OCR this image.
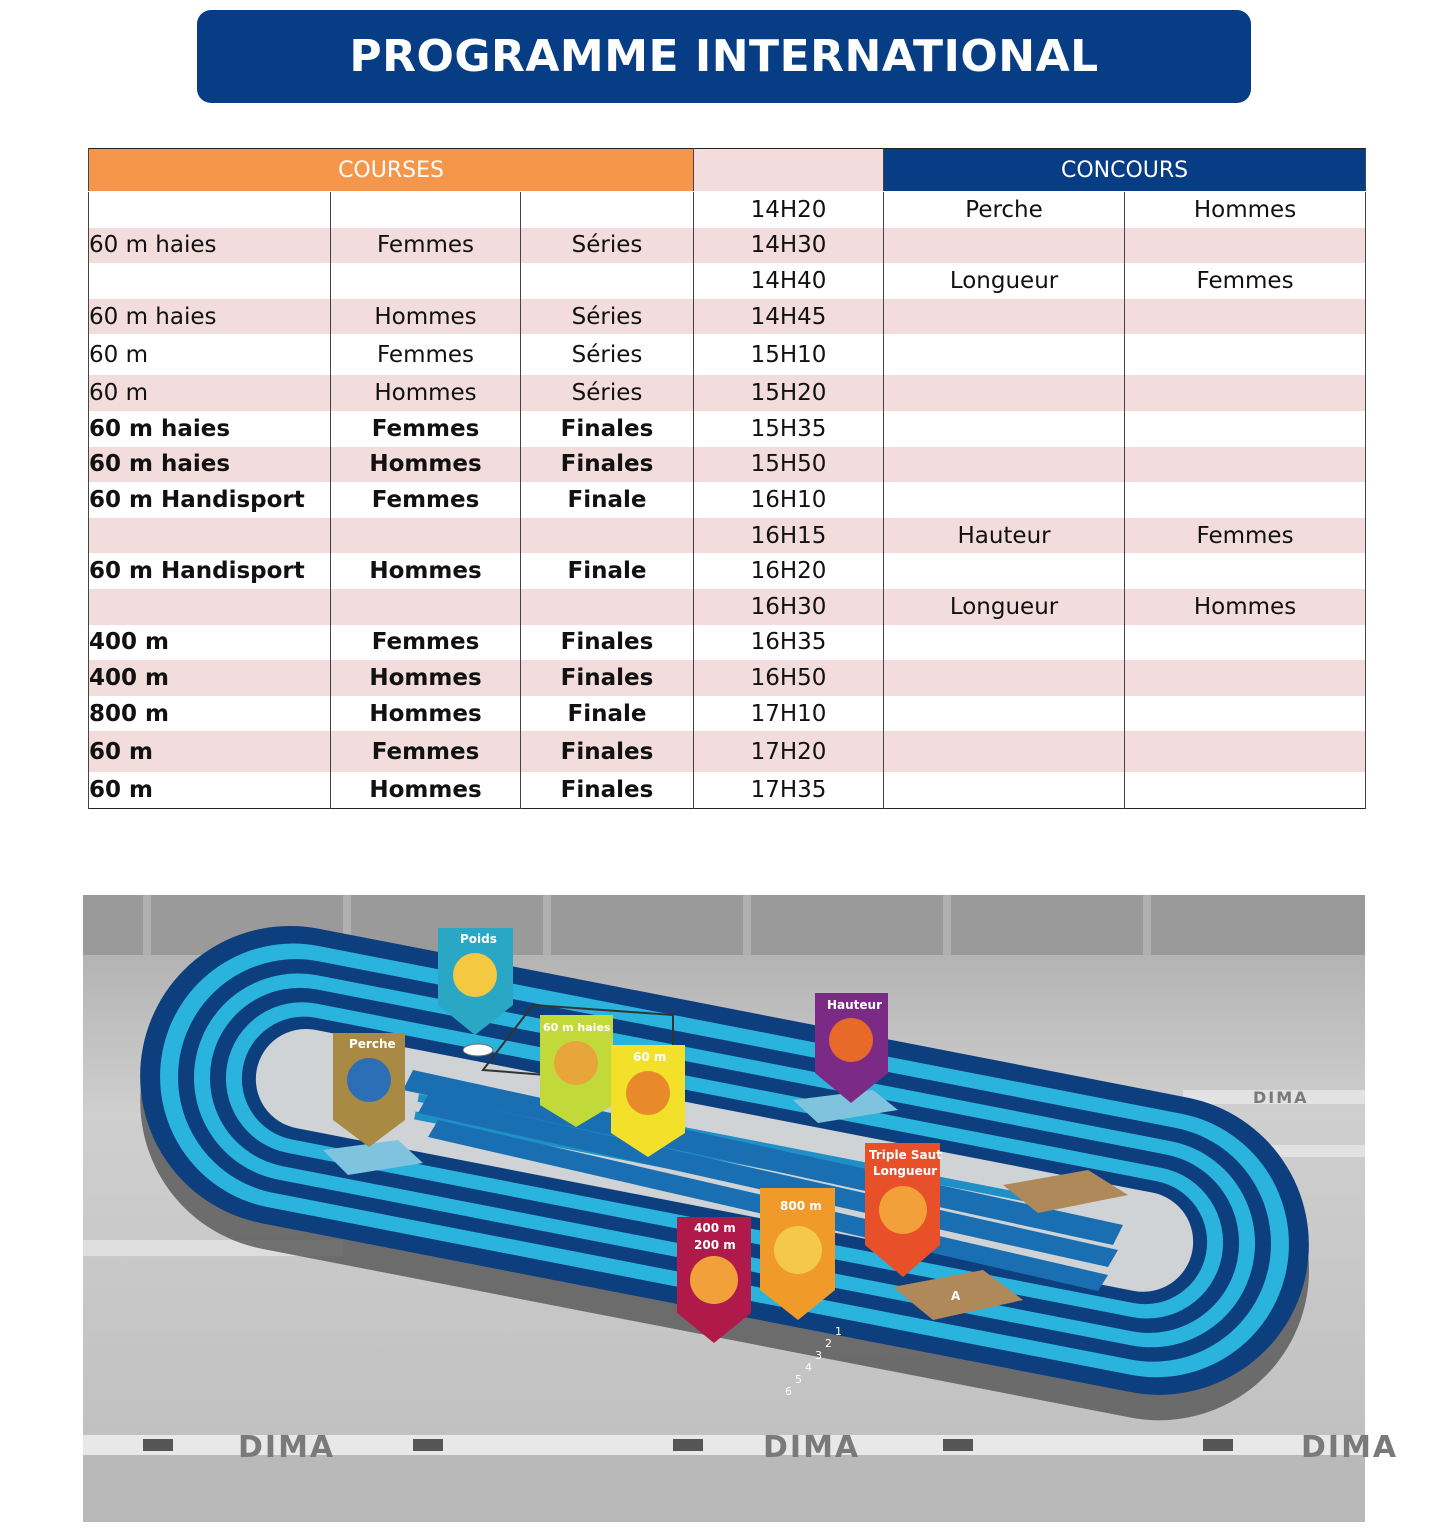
PROGRAMME INTERNATIONAL
COURSES				CONCOURS	
			14H20	Perche	Hommes
60 m haies	Femmes	Séries	14H30		
			14H40	Longueur	Femmes
60 m haies	Hommes	Séries	14H45		
60 m	Femmes	Séries	15H10		
60 m	Hommes	Séries	15H20		
60 m haies	Femmes	Finales	15H35		
60 m haies	Hommes	Finales	15H50		
60 m Handisport	Femmes	Finale	16H10		
			16H15	Hauteur	Femmes
60 m Handisport	Hommes	Finale	16H20		
			16H30	Longueur	Hommes
400 m	Femmes	Finales	16H35		
400 m	Hommes	Finales	16H50		
800 m	Hommes	Finale	17H10		
60 m	Femmes	Finales	17H20		
60 m	Hommes	Finales	17H35		
DIMA	DIMA	DIMA
DIMA
A
1
2
3
4
5
6
Poids
Perche
60 m haies
60 m
Hauteur
Triple Saut
Longueur
800 m
400 m
200 m
